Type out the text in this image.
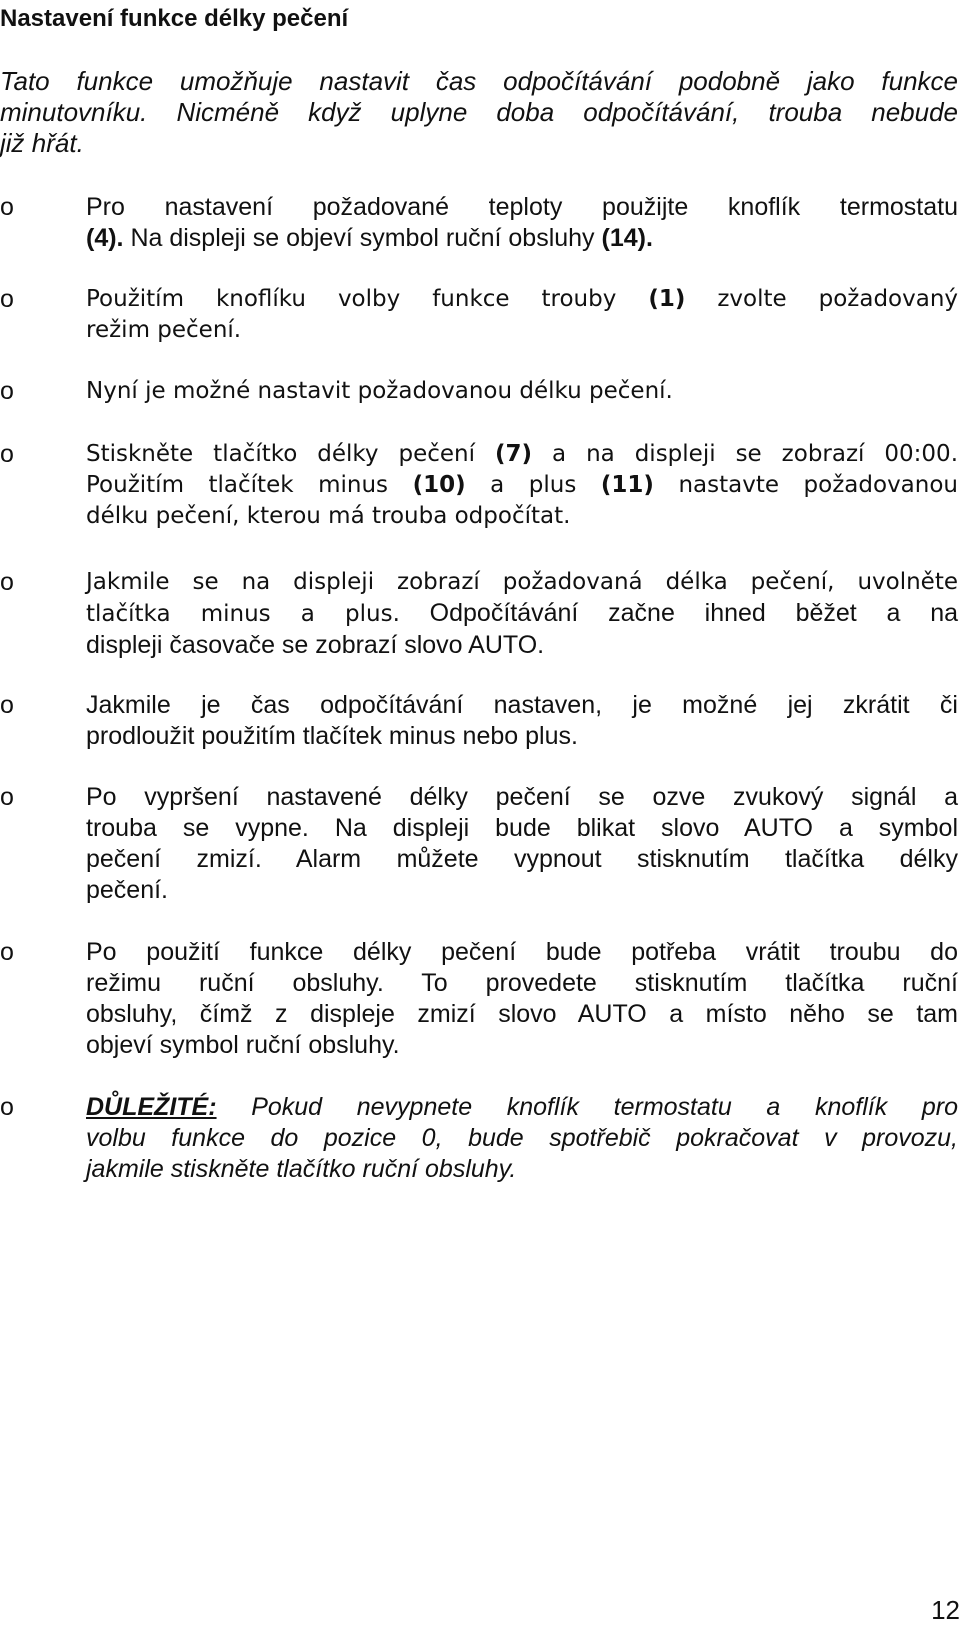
Nastavení funkce délky pečení

Tato funkce umožňuje nastavit čas odpočítávání podobně jako funkce
minutovníku. Nicméně když uplyne doba odpočítávání, trouba nebude
již hřát.

o	Pro nastavení požadované teploty použijte knoflík termostatu
(4). Na displeji se objeví symbol ruční obsluhy (14).
o	Použitím knoflíku volby funkce trouby (1) zvolte požadovaný
režim pečení.
o	Nyní je možné nastavit požadovanou délku pečení.
o	Stiskněte tlačítko délky pečení (7) a na displeji se zobrazí 00:00.
Použitím tlačítek minus (10) a plus (11) nastavte požadovanou
délku pečení, kterou má trouba odpočítat.
o	Jakmile se na displeji zobrazí požadovaná délka pečení, uvolněte
tlačítka minus a plus. Odpočítávání začne ihned běžet a na
displeji časovače se zobrazí slovo AUTO.
o	Jakmile je čas odpočítávání nastaven, je možné jej zkrátit či
prodloužit použitím tlačítek minus nebo plus.
o	Po vypršení nastavené délky pečení se ozve zvukový signál a
trouba se vypne. Na displeji bude blikat slovo AUTO a symbol
pečení zmizí. Alarm můžete vypnout stisknutím tlačítka délky
pečení.
o	Po použití funkce délky pečení bude potřeba vrátit troubu do
režimu ruční obsluhy. To provedete stisknutím tlačítka ruční
obsluhy, čímž z displeje zmizí slovo AUTO a místo něho se tam
objeví symbol ruční obsluhy.
o	DŮLEŽITÉ: Pokud nevypnete knoflík termostatu a knoflík pro
volbu funkce do pozice 0, bude spotřebič pokračovat v provozu,
jakmile stiskněte tlačítko ruční obsluhy.
12
